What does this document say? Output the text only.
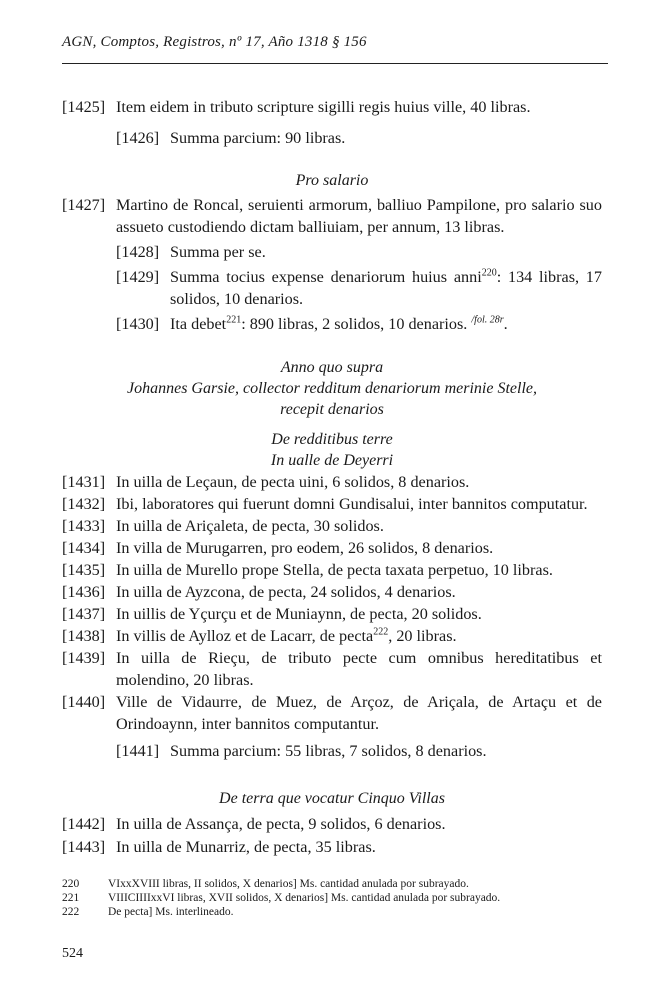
AGN, Comptos, Registros, nº 17, Año 1318 § 156
[1425] Item eidem in tributo scripture sigilli regis huius ville, 40 libras.
[1426] Summa parcium: 90 libras.
Pro salario
[1427] Martino de Roncal, seruienti armorum, balliuo Pampilone, pro salario suo assueto custodiendo dictam balliuiam, per annum, 13 libras.
[1428] Summa per se.
[1429] Summa tocius expense denariorum huius anni$^{220}$: 134 libras, 17 solidos, 10 denarios.
[1430] Ita debet$^{221}$: 890 libras, 2 solidos, 10 denarios. $^{/fol. 28r}$.
Anno quo supra
Johannes Garsie, collector redditum denariorum merinie Stelle,
recepit denarios
De redditibus terre
In ualle de Deyerri
[1431] In uilla de Leçaun, de pecta uini, 6 solidos, 8 denarios.
[1432] Ibi, laboratores qui fuerunt domni Gundisalui, inter bannitos computatur.
[1433] In uilla de Ariçaleta, de pecta, 30 solidos.
[1434] In villa de Murugarren, pro eodem, 26 solidos, 8 denarios.
[1435] In uilla de Murello prope Stella, de pecta taxata perpetuo, 10 libras.
[1436] In uilla de Ayzcona, de pecta, 24 solidos, 4 denarios.
[1437] In uillis de Yçurçu et de Muniaynn, de pecta, 20 solidos.
[1438] In villis de Aylloz et de Lacarr, de pecta$^{222}$, 20 libras.
[1439] In uilla de Rieçu, de tributo pecte cum omnibus hereditatibus et molendino, 20 libras.
[1440] Ville de Vidaurre, de Muez, de Arçoz, de Ariçala, de Artaçu et de Orindoaynn, inter bannitos computantur.
[1441] Summa parcium: 55 libras, 7 solidos, 8 denarios.
De terra que vocatur Cinquo Villas
[1442] In uilla de Assança, de pecta, 9 solidos, 6 denarios.
[1443] In uilla de Munarriz, de pecta, 35 libras.
220	VIxxXVIII libras, II solidos, X denarios] Ms. cantidad anulada por subrayado.
221	VIIICIIIIxxVI libras, XVII solidos, X denarios] Ms. cantidad anulada por subrayado.
222	De pecta] Ms. interlineado.
524
